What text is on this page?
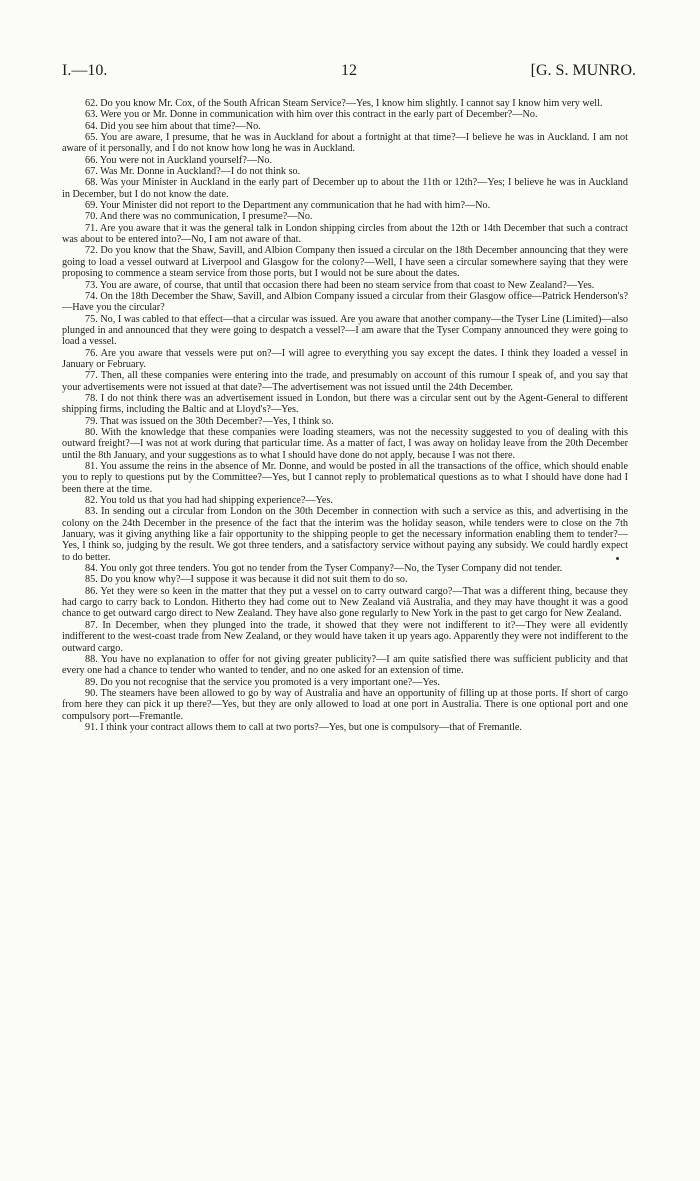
I.—10.	12	[G. S. MUNRO.

62. Do you know Mr. Cox, of the South African Steam Service?—Yes, I know him slightly. I cannot say I know him very well.

63. Were you or Mr. Donne in communication with him over this contract in the early part of December?—No.

64. Did you see him about that time?—No.

65. You are aware, I presume, that he was in Auckland for about a fortnight at that time?—I believe he was in Auckland. I am not aware of it personally, and I do not know how long he was in Auckland.

66. You were not in Auckland yourself?—No.

67. Was Mr. Donne in Auckland?—I do not think so.

68. Was your Minister in Auckland in the early part of December up to about the 11th or 12th?—Yes; I believe he was in Auckland in December, but I do not know the date.

69. Your Minister did not report to the Department any communication that he had with him?—No.

70. And there was no communication, I presume?—No.

71. Are you aware that it was the general talk in London shipping circles from about the 12th or 14th December that such a contract was about to be entered into?—No, I am not aware of that.

72. Do you know that the Shaw, Savill, and Albion Company then issued a circular on the 18th December announcing that they were going to load a vessel outward at Liverpool and Glasgow for the colony?—Well, I have seen a circular somewhere saying that they were proposing to commence a steam service from those ports, but I would not be sure about the dates.

73. You are aware, of course, that until that occasion there had been no steam service from that coast to New Zealand?—Yes.

74. On the 18th December the Shaw, Savill, and Albion Company issued a circular from their Glasgow office—Patrick Henderson's?—Have you the circular?

75. No, I was cabled to that effect—that a circular was issued. Are you aware that another company—the Tyser Line (Limited)—also plunged in and announced that they were going to despatch a vessel?—I am aware that the Tyser Company announced they were going to load a vessel.

76. Are you aware that vessels were put on?—I will agree to everything you say except the dates. I think they loaded a vessel in January or February.

77. Then, all these companies were entering into the trade, and presumably on account of this rumour I speak of, and you say that your advertisements were not issued at that date?—The advertisement was not issued until the 24th December.

78. I do not think there was an advertisement issued in London, but there was a circular sent out by the Agent-General to different shipping firms, including the Baltic and at Lloyd's?—Yes.

79. That was issued on the 30th December?—Yes, I think so.

80. With the knowledge that these companies were loading steamers, was not the necessity suggested to you of dealing with this outward freight?—I was not at work during that particular time. As a matter of fact, I was away on holiday leave from the 20th December until the 8th January, and your suggestions as to what I should have done do not apply, because I was not there.

81. You assume the reins in the absence of Mr. Donne, and would be posted in all the transactions of the office, which should enable you to reply to questions put by the Committee?—Yes, but I cannot reply to problematical questions as to what I should have done had I been there at the time.

82. You told us that you had had shipping experience?—Yes.

83. In sending out a circular from London on the 30th December in connection with such a service as this, and advertising in the colony on the 24th December in the presence of the fact that the interim was the holiday season, while tenders were to close on the 7th January, was it giving anything like a fair opportunity to the shipping people to get the necessary information enabling them to tender?—Yes, I think so, judging by the result. We got three tenders, and a satisfactory service without paying any subsidy. We could hardly expect to do better.

84. You only got three tenders. You got no tender from the Tyser Company?—No, the Tyser Company did not tender.

85. Do you know why?—I suppose it was because it did not suit them to do so.

86. Yet they were so keen in the matter that they put a vessel on to carry outward cargo?—That was a different thing, because they had cargo to carry back to London. Hitherto they had come out to New Zealand viâ Australia, and they may have thought it was a good chance to get outward cargo direct to New Zealand. They have also gone regularly to New York in the past to get cargo for New Zealand.

87. In December, when they plunged into the trade, it showed that they were not indifferent to it?—They were all evidently indifferent to the west-coast trade from New Zealand, or they would have taken it up years ago. Apparently they were not indifferent to the outward cargo.

88. You have no explanation to offer for not giving greater publicity?—I am quite satisfied there was sufficient publicity and that every one had a chance to tender who wanted to tender, and no one asked for an extension of time.

89. Do you not recognise that the service you promoted is a very important one?—Yes.

90. The steamers have been allowed to go by way of Australia and have an opportunity of filling up at those ports. If short of cargo from here they can pick it up there?—Yes, but they are only allowed to load at one port in Australia. There is one optional port and one compulsory port—Fremantle.

91. I think your contract allows them to call at two ports?—Yes, but one is compulsory—that of Fremantle.
